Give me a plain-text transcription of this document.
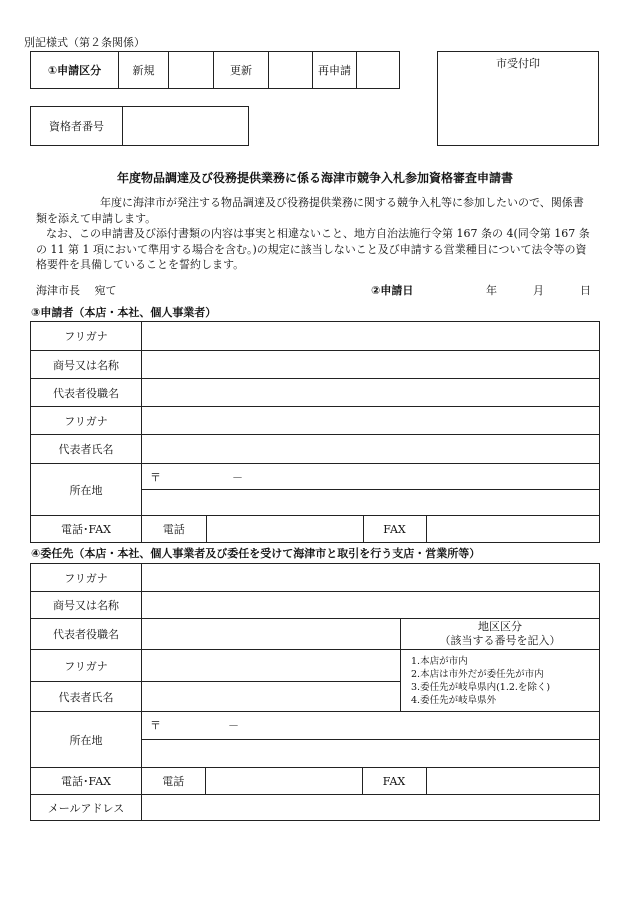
別記様式（第２条関係）
①申請区分	新規		更新		再申請	
市受付印
資格者番号	
年度物品調達及び役務提供業務に係る海津市競争入札参加資格審査申請書

年度に海津市が発注する物品調達及び役務提供業務に関する競争入札等に参加したいので、関係書類を添えて申請します。

なお、この申請書及び添付書類の内容は事実と相違ないこと、地方自治法施行令第 167 条の 4(同令第 167 条の 11 第 1 項において準用する場合を含む。)の規定に該当しないこと及び申請する営業種目について法令等の資格要件を具備していることを誓約します。

海津市長　 宛て	②申請日	年	月	日
③申請者（本店・本社、個人事業者）
フリガナ	
商号又は名称	
代表者役職名	
フリガナ	
代表者氏名	
所在地	
〒	－

電話･FAX		電話		FAX	
④委任先（本店・本社、個人事業者及び委任を受けて海津市と取引を行う支店・営業所等）
フリガナ	
商号又は名称	
代表者役職名		
地区区分
（該当する番号を記入）

フリガナ		1.本店が市内
2.本店は市外だが委任先が市内
3.委任先が岐阜県内(1.2.を除く)
4.委任先が岐阜県外

代表者氏名	
所在地	
〒	－

電話･FAX		電話		FAX	

メールアドレス	
